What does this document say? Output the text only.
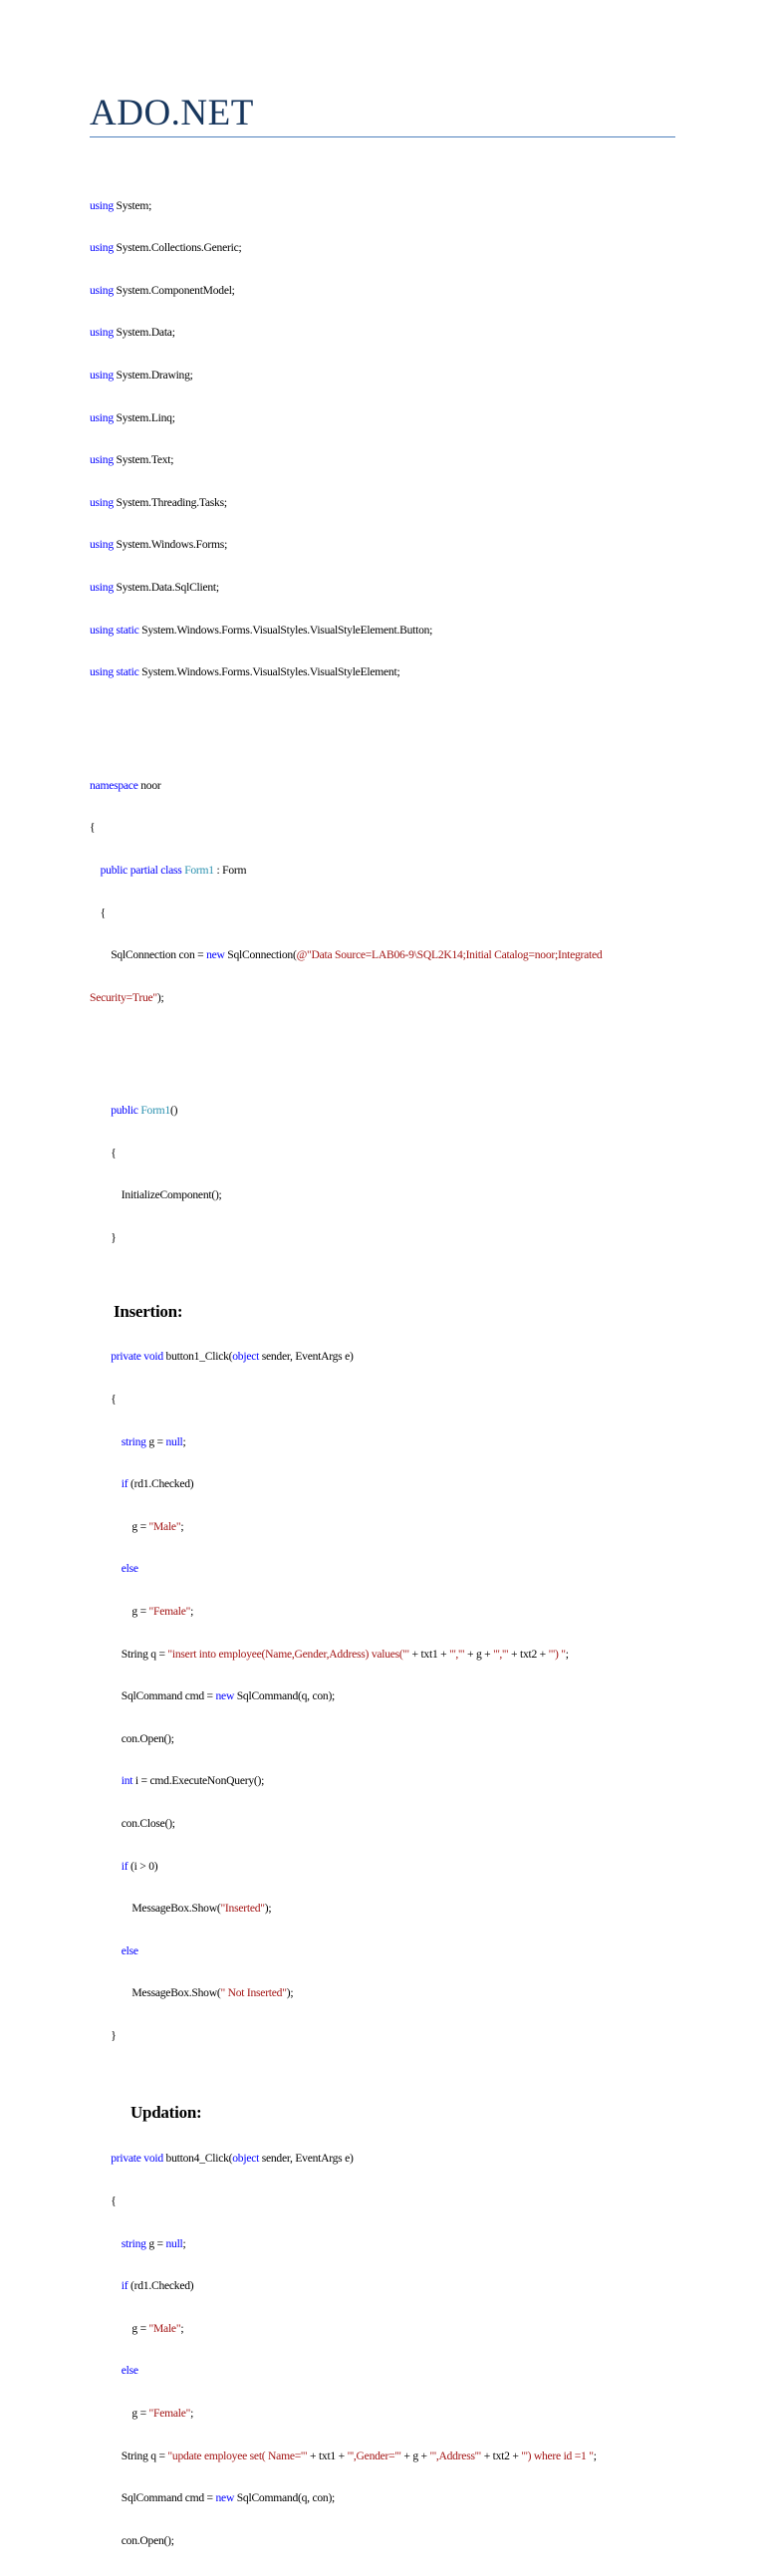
ADO.NET

using System;

using System.Collections.Generic;

using System.ComponentModel;

using System.Data;

using System.Drawing;

using System.Linq;

using System.Text;

using System.Threading.Tasks;

using System.Windows.Forms;

using System.Data.SqlClient;

using static System.Windows.Forms.VisualStyles.VisualStyleElement.Button;

using static System.Windows.Forms.VisualStyles.VisualStyleElement;

namespace noor

{

public partial class Form1 : Form

{

SqlConnection con = new SqlConnection(@"Data Source=LAB06-9\SQL2K14;Initial Catalog=noor;Integrated

Security=True");

public Form1()

{

InitializeComponent();

}

Insertion:

private void button1_Click(object sender, EventArgs e)

{

string g = null;

if (rd1.Checked)

g = "Male";

else

g = "Female";

String q = "insert into employee(Name,Gender,Address) values('" + txt1 + "','" + g + "','" + txt2 + "') ";

SqlCommand cmd = new SqlCommand(q, con);

con.Open();

int i = cmd.ExecuteNonQuery();

con.Close();

if (i > 0)

MessageBox.Show("Inserted");

else

MessageBox.Show(" Not Inserted");

}

Updation:

private void button4_Click(object sender, EventArgs e)

{

string g = null;

if (rd1.Checked)

g = "Male";

else

g = "Female";

String q = "update employee set( Name='" + txt1 + "',Gender='" + g + "',Address'" + txt2 + "') where id =1 ";

SqlCommand cmd = new SqlCommand(q, con);

con.Open();
